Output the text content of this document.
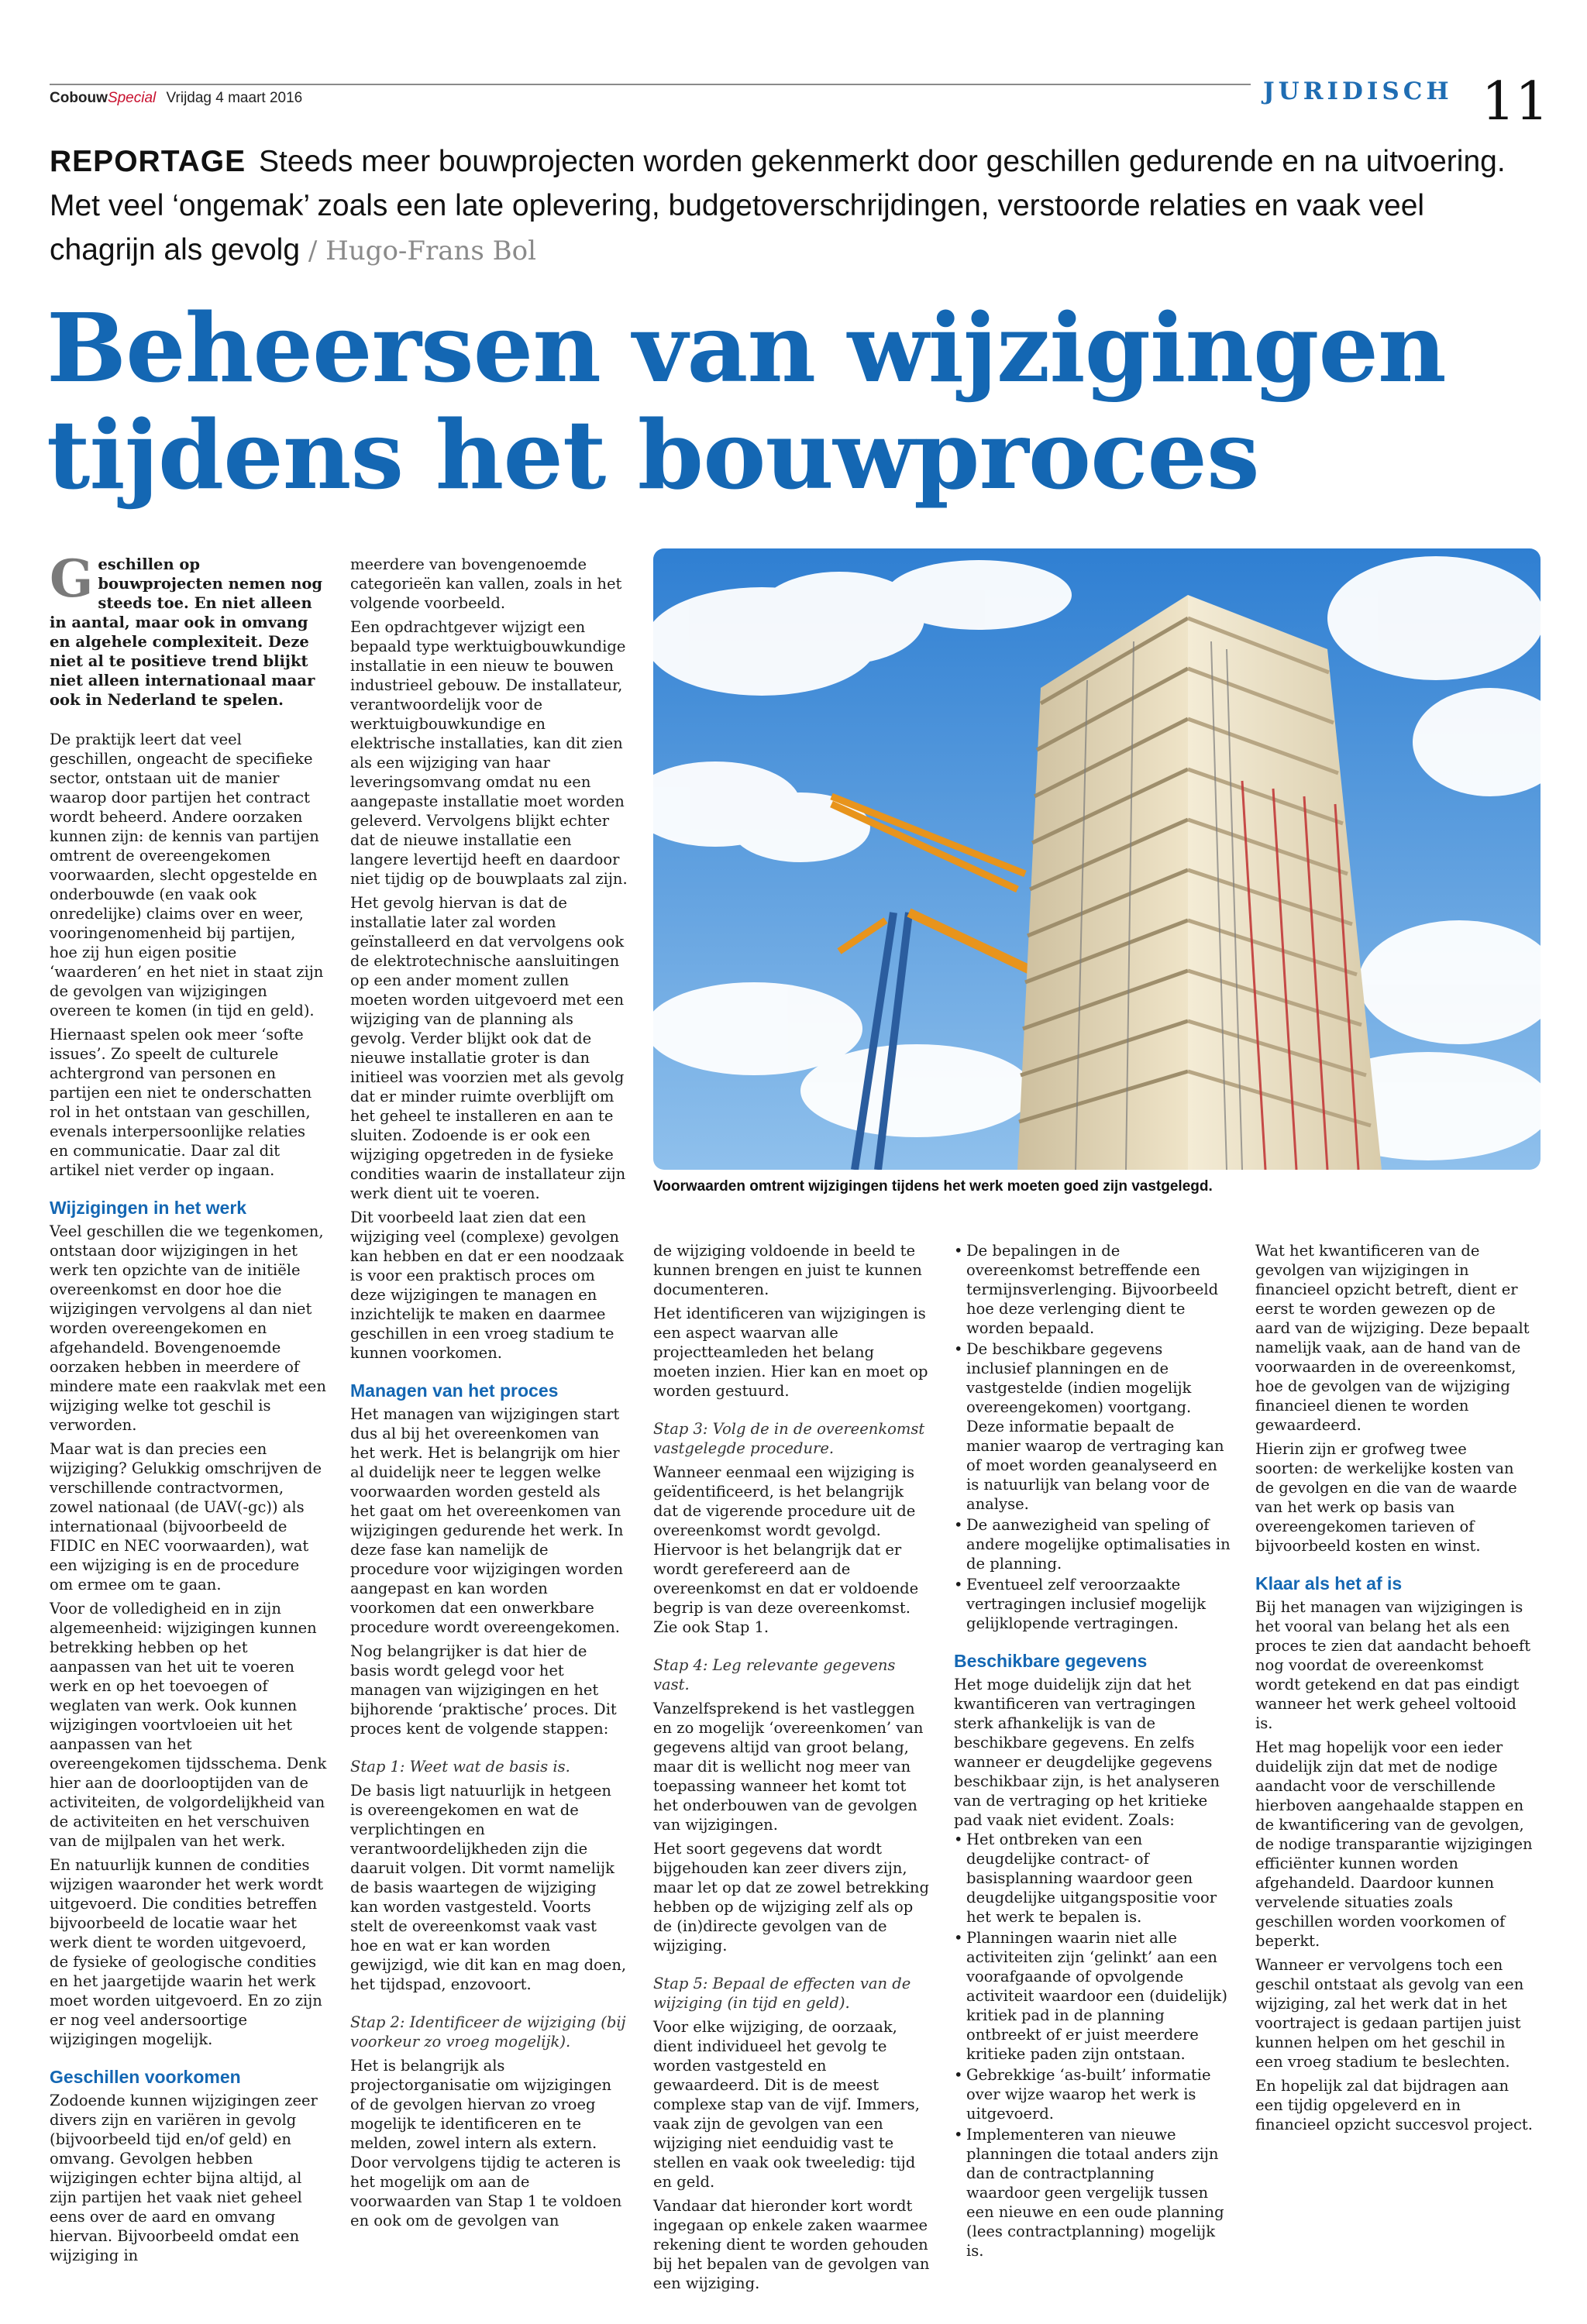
CobouwSpecial Vrijdag 4 maart 2016	JURIDISCH 11
REPORTAGE Steeds meer bouwprojecten worden gekenmerkt door geschillen gedurende en na uitvoering. Met veel ‘ongemak’ zoals een late oplevering, budgetoverschrijdingen, verstoorde relaties en vaak veel chagrijn als gevolg / Hugo-Frans Bol
Beheersen van wijzigingen
tijdens het bouwproces
Voorwaarden omtrent wijzigingen tijdens het werk moeten goed zijn vastgelegd.

Geschillen op bouwprojecten nemen nog steeds toe. En niet alleen in aantal, maar ook in omvang en algehele complexiteit. Deze niet al te positieve trend blijkt niet alleen internationaal maar ook in Nederland te spelen.

De praktijk leert dat veel geschillen, ongeacht de specifieke sector, ontstaan uit de manier waarop door partijen het contract wordt beheerd. Andere oorzaken kunnen zijn: de kennis van partijen omtrent de overeengekomen voorwaarden, slecht opgestelde en onderbouwde (en vaak ook onredelijke) claims over en weer, vooringenomenheid bij partijen, hoe zij hun eigen positie ‘waarderen’ en het niet in staat zijn de gevolgen van wijzigingen overeen te komen (in tijd en geld).

Hiernaast spelen ook meer ‘softe issues’. Zo speelt de culturele achtergrond van personen en partijen een niet te onderschatten rol in het ontstaan van geschillen, evenals interpersoonlijke relaties en communicatie. Daar zal dit artikel niet verder op ingaan.

Wijzigingen in het werk

Veel geschillen die we tegenkomen, ontstaan door wijzigingen in het werk ten opzichte van de initiële overeenkomst en door hoe die wijzigingen vervolgens al dan niet worden overeengekomen en afgehandeld. Bovengenoemde oorzaken hebben in meerdere of mindere mate een raakvlak met een wijziging welke tot geschil is verworden.

Maar wat is dan precies een wijziging? Gelukkig omschrijven de verschillende contractvormen, zowel nationaal (de UAV(-gc)) als internationaal (bijvoorbeeld de FIDIC en NEC voorwaarden), wat een wijziging is en de procedure om ermee om te gaan.

Voor de volledigheid en in zijn algemeenheid: wijzigingen kunnen betrekking hebben op het aanpassen van het uit te voeren werk en op het toevoegen of weglaten van werk. Ook kunnen wijzigingen voortvloeien uit het aanpassen van het overeengekomen tijdsschema. Denk hier aan de doorlooptijden van de activiteiten, de volgordelijkheid van de activiteiten en het verschuiven van de mijlpalen van het werk.

En natuurlijk kunnen de condities wijzigen waaronder het werk wordt uitgevoerd. Die condities betreffen bijvoorbeeld de locatie waar het werk dient te worden uitgevoerd, de fysieke of geologische condities en het jaargetijde waarin het werk moet worden uitgevoerd. En zo zijn er nog veel andersoortige wijzigingen mogelijk.

Geschillen voorkomen

Zodoende kunnen wijzigingen zeer divers zijn en variëren in gevolg (bijvoorbeeld tijd en/of geld) en omvang. Gevolgen hebben wijzigingen echter bijna altijd, al zijn partijen het vaak niet geheel eens over de aard en omvang hiervan. Bijvoorbeeld omdat een wijziging in

meerdere van bovengenoemde categorieën kan vallen, zoals in het volgende voorbeeld.

Een opdrachtgever wijzigt een bepaald type werktuigbouwkundige installatie in een nieuw te bouwen industrieel gebouw. De installateur, verantwoordelijk voor de werktuigbouwkundige en elektrische installaties, kan dit zien als een wijziging van haar leveringsomvang omdat nu een aangepaste installatie moet worden geleverd. Vervolgens blijkt echter dat de nieuwe installatie een langere levertijd heeft en daardoor niet tijdig op de bouwplaats zal zijn.

Het gevolg hiervan is dat de installatie later zal worden geïnstalleerd en dat vervolgens ook de elektrotechnische aansluitingen op een ander moment zullen moeten worden uitgevoerd met een wijziging van de planning als gevolg. Verder blijkt ook dat de nieuwe installatie groter is dan initieel was voorzien met als gevolg dat er minder ruimte overblijft om het geheel te installeren en aan te sluiten. Zodoende is er ook een wijziging opgetreden in de fysieke condities waarin de installateur zijn werk dient uit te voeren.

Dit voorbeeld laat zien dat een wijziging veel (complexe) gevolgen kan hebben en dat er een noodzaak is voor een praktisch proces om deze wijzigingen te managen en inzichtelijk te maken en daarmee geschillen in een vroeg stadium te kunnen voorkomen.

Managen van het proces

Het managen van wijzigingen start dus al bij het overeenkomen van het werk. Het is belangrijk om hier al duidelijk neer te leggen welke voorwaarden worden gesteld als het gaat om het overeenkomen van wijzigingen gedurende het werk. In deze fase kan namelijk de procedure voor wijzigingen worden aangepast en kan worden voorkomen dat een onwerkbare procedure wordt overeengekomen.

Nog belangrijker is dat hier de basis wordt gelegd voor het managen van wijzigingen en het bijhorende ‘praktische’ proces. Dit proces kent de volgende stappen:

Stap 1: Weet wat de basis is.

De basis ligt natuurlijk in hetgeen is overeengekomen en wat de verplichtingen en verantwoordelijkheden zijn die daaruit volgen. Dit vormt namelijk de basis waartegen de wijziging kan worden vastgesteld. Voorts stelt de overeenkomst vaak vast hoe en wat er kan worden gewijzigd, wie dit kan en mag doen, het tijdspad, enzovoort.

Stap 2: Identificeer de wijziging (bij voorkeur zo vroeg mogelijk).

Het is belangrijk als projectorganisatie om wijzigingen of de gevolgen hiervan zo vroeg mogelijk te identificeren en te melden, zowel intern als extern. Door vervolgens tijdig te acteren is het mogelijk om aan de voorwaarden van Stap 1 te voldoen en ook om de gevolgen van

de wijziging voldoende in beeld te kunnen brengen en juist te kunnen documenteren.

Het identificeren van wijzigingen is een aspect waarvan alle projectteamleden het belang moeten inzien. Hier kan en moet op worden gestuurd.

Stap 3: Volg de in de overeenkomst vastgelegde procedure.

Wanneer eenmaal een wijziging is geïdentificeerd, is het belangrijk dat de vigerende procedure uit de overeenkomst wordt gevolgd. Hiervoor is het belangrijk dat er wordt gerefereerd aan de overeenkomst en dat er voldoende begrip is van deze overeenkomst. Zie ook Stap 1.

Stap 4: Leg relevante gegevens vast.

Vanzelfsprekend is het vastleggen en zo mogelijk ‘overeenkomen’ van gegevens altijd van groot belang, maar dit is wellicht nog meer van toepassing wanneer het komt tot het onderbouwen van de gevolgen van wijzigingen.

Het soort gegevens dat wordt bijgehouden kan zeer divers zijn, maar let op dat ze zowel betrekking hebben op de wijziging zelf als op de (in)directe gevolgen van de wijziging.

Stap 5: Bepaal de effecten van de wijziging (in tijd en geld).

Voor elke wijziging, de oorzaak, dient individueel het gevolg te worden vastgesteld en gewaardeerd. Dit is de meest complexe stap van de vijf. Immers, vaak zijn de gevolgen van een wijziging niet eenduidig vast te stellen en vaak ook tweeledig: tijd en geld.

Vandaar dat hieronder kort wordt ingegaan op enkele zaken waarmee rekening dient te worden gehouden bij het bepalen van de gevolgen van een wijziging.

• De bepalingen in de overeenkomst betreffende een termijnsverlenging. Bijvoorbeeld hoe deze verlenging dient te worden bepaald.
• De beschikbare gegevens inclusief planningen en de vastgestelde (indien mogelijk overeengekomen) voortgang. Deze informatie bepaalt de manier waarop de vertraging kan of moet worden geanalyseerd en is natuurlijk van belang voor de analyse.
• De aanwezigheid van speling of andere mogelijke optimalisaties in de planning.
• Eventueel zelf veroorzaakte vertragingen inclusief mogelijk gelijklopende vertragingen.
Beschikbare gegevens

Het moge duidelijk zijn dat het kwantificeren van vertragingen sterk afhankelijk is van de beschikbare gegevens. En zelfs wanneer er deugdelijke gegevens beschikbaar zijn, is het analyseren van de vertraging op het kritieke pad vaak niet evident. Zoals:

• Het ontbreken van een deugdelijke contract- of basisplanning waardoor geen deugdelijke uitgangspositie voor het werk te bepalen is.
• Planningen waarin niet alle activiteiten zijn ‘gelinkt’ aan een voorafgaande of opvolgende activiteit waardoor een (duidelijk) kritiek pad in de planning ontbreekt of er juist meerdere kritieke paden zijn ontstaan.
• Gebrekkige ‘as-built’ informatie over wijze waarop het werk is uitgevoerd.
• Implementeren van nieuwe planningen die totaal anders zijn dan de contractplanning waardoor geen vergelijk tussen een nieuwe en een oude planning (lees contractplanning) mogelijk is.

Wat het kwantificeren van de gevolgen van wijzigingen in financieel opzicht betreft, dient er eerst te worden gewezen op de aard van de wijziging. Deze bepaalt namelijk vaak, aan de hand van de voorwaarden in de overeenkomst, hoe de gevolgen van de wijziging financieel dienen te worden gewaardeerd.

Hierin zijn er grofweg twee soorten: de werkelijke kosten van de gevolgen en die van de waarde van het werk op basis van overeengekomen tarieven of bijvoorbeeld kosten en winst.

Klaar als het af is

Bij het managen van wijzigingen is het vooral van belang het als een proces te zien dat aandacht behoeft nog voordat de overeenkomst wordt getekend en dat pas eindigt wanneer het werk geheel voltooid is.

Het mag hopelijk voor een ieder duidelijk zijn dat met de nodige aandacht voor de verschillende hierboven aangehaalde stappen en de kwantificering van de gevolgen, de nodige transparantie wijzigingen efficiënter kunnen worden afgehandeld. Daardoor kunnen vervelende situaties zoals geschillen worden voorkomen of beperkt.

Wanneer er vervolgens toch een geschil ontstaat als gevolg van een wijziging, zal het werk dat in het voortraject is gedaan partijen juist kunnen helpen om het geschil in een vroeg stadium te beslechten.

En hopelijk zal dat bijdragen aan een tijdig opgeleverd en in financieel opzicht succesvol project.
